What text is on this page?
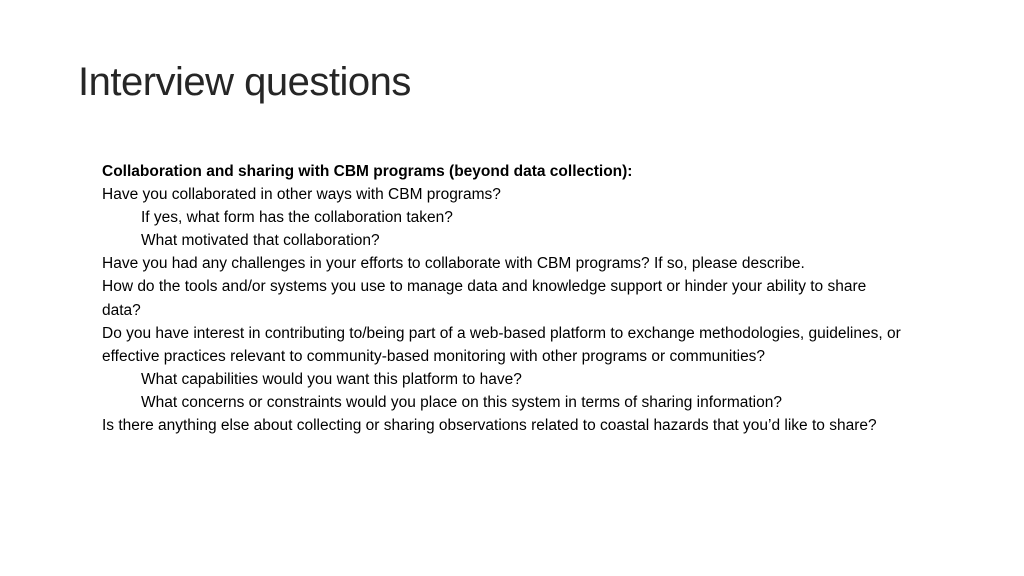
Interview questions

Collaboration and sharing with CBM programs (beyond data collection):

Have you collaborated in other ways with CBM programs?

If yes, what form has the collaboration taken?

What motivated that collaboration?

Have you had any challenges in your efforts to collaborate with CBM programs? If so, please describe.

How do the tools and/or systems you use to manage data and knowledge support or hinder your ability to share data?

Do you have interest in contributing to/being part of a web-based platform to exchange methodologies, guidelines, or effective practices relevant to community-based monitoring with other programs or communities?

What capabilities would you want this platform to have?

What concerns or constraints would you place on this system in terms of sharing information?

Is there anything else about collecting or sharing observations related to coastal hazards that you’d like to share?
